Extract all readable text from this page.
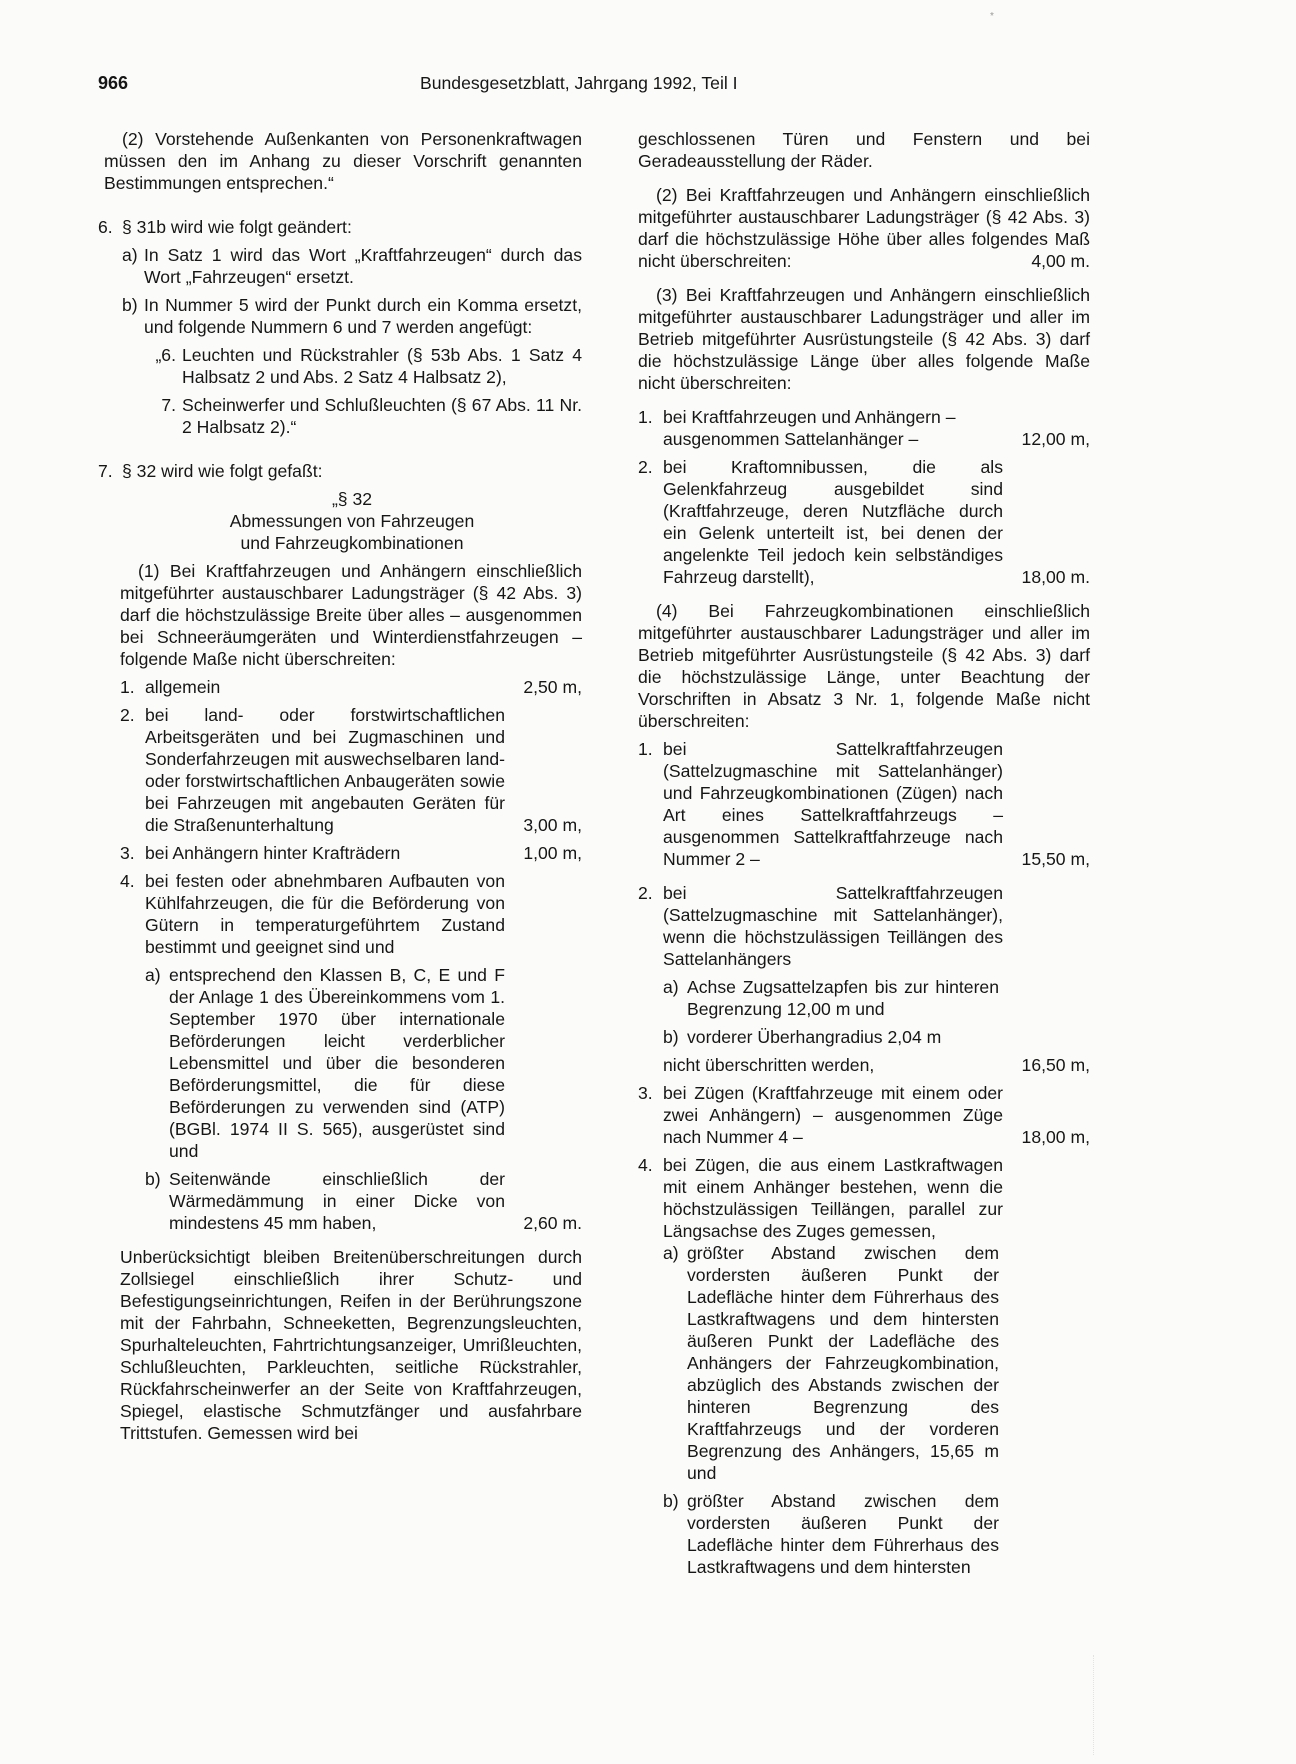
966	Bundesgesetzblatt, Jahrgang 1992, Teil I
*

(2) Vorstehende Außenkanten von Personenkraftwagen müssen den im Anhang zu dieser Vorschrift genannten Bestimmungen entsprechen.“

6. § 31b wird wie folgt geändert:
a) In Satz 1 wird das Wort „Kraftfahrzeugen“ durch das Wort „Fahrzeugen“ ersetzt.
b) In Nummer 5 wird der Punkt durch ein Komma ersetzt, und folgende Nummern 6 und 7 werden angefügt:
„6. Leuchten und Rückstrahler (§ 53b Abs. 1 Satz 4 Halbsatz 2 und Abs. 2 Satz 4 Halbsatz 2),
7. Scheinwerfer und Schlußleuchten (§ 67 Abs. 11 Nr. 2 Halbsatz 2).“
7. § 32 wird wie folgt gefaßt:

„§ 32

Abmessungen von Fahrzeugen

und Fahrzeugkombinationen

(1) Bei Kraftfahrzeugen und Anhängern einschließlich mitgeführter austauschbarer Ladungsträger (§ 42 Abs. 3) darf die höchstzulässige Breite über alles – ausgenommen bei Schneeräumgeräten und Winterdienstfahrzeugen – folgende Maße nicht überschreiten:

1. allgemein	2,50 m,
2. bei land- oder forstwirtschaftlichen Arbeitsgeräten und bei Zugmaschinen und Sonderfahrzeugen mit auswechselbaren land- oder forstwirtschaftlichen Anbaugeräten sowie bei Fahrzeugen mit angebauten Geräten für die Straßenunterhaltung	3,00 m,
3. bei Anhängern hinter Krafträdern	1,00 m,
4. bei festen oder abnehmbaren Aufbauten von Kühlfahrzeugen, die für die Beförderung von Gütern in temperaturgeführtem Zustand bestimmt und geeignet sind und
a) entsprechend den Klassen B, C, E und F der Anlage 1 des Übereinkommens vom 1. September 1970 über internationale Beförderungen leicht verderblicher Lebensmittel und über die besonderen Beförderungsmittel, die für diese Beförderungen zu verwenden sind (ATP) (BGBl. 1974 II S. 565), ausgerüstet sind und
b) Seitenwände einschließlich der Wärmedämmung in einer Dicke von mindestens 45 mm haben,	2,60 m.

Unberücksichtigt bleiben Breitenüberschreitungen durch Zollsiegel einschließlich ihrer Schutz- und Befestigungseinrichtungen, Reifen in der Berührungszone mit der Fahrbahn, Schneeketten, Begrenzungsleuchten, Spurhalteleuchten, Fahrtrichtungsanzeiger, Umrißleuchten, Schlußleuchten, Parkleuchten, seitliche Rückstrahler, Rückfahrscheinwerfer an der Seite von Kraftfahrzeugen, Spiegel, elastische Schmutzfänger und ausfahrbare Trittstufen. Gemessen wird bei

geschlossenen Türen und Fenstern und bei Geradeausstellung der Räder.

(2) Bei Kraftfahrzeugen und Anhängern einschließlich mitgeführter austauschbarer Ladungsträger (§ 42 Abs. 3) darf die höchstzulässige Höhe über alles folgendes Maß nicht überschreiten:	4,00 m.

(3) Bei Kraftfahrzeugen und Anhängern einschließlich mitgeführter austauschbarer Ladungsträger und aller im Betrieb mitgeführter Ausrüstungsteile (§ 42 Abs. 3) darf die höchstzulässige Länge über alles folgende Maße nicht überschreiten:

1. bei Kraftfahrzeugen und Anhängern – ausgenommen Sattelanhänger –	12,00 m,
2. bei Kraftomnibussen, die als Gelenkfahrzeug ausgebildet sind (Kraftfahrzeuge, deren Nutzfläche durch ein Gelenk unterteilt ist, bei denen der angelenkte Teil jedoch kein selbständiges Fahrzeug darstellt),	18,00 m.

(4) Bei Fahrzeugkombinationen einschließlich mitgeführter austauschbarer Ladungsträger und aller im Betrieb mitgeführter Ausrüstungsteile (§ 42 Abs. 3) darf die höchstzulässige Länge, unter Beachtung der Vorschriften in Absatz 3 Nr. 1, folgende Maße nicht überschreiten:

1. bei Sattelkraftfahrzeugen (Sattelzugmaschine mit Sattelanhänger) und Fahrzeugkombinationen (Zügen) nach Art eines Sattelkraftfahrzeugs – ausgenommen Sattelkraftfahrzeuge nach Nummer 2 –	15,50 m,
2. bei Sattelkraftfahrzeugen (Sattelzugmaschine mit Sattelanhänger), wenn die höchstzulässigen Teillängen des Sattelanhängers
a) Achse Zugsattelzapfen bis zur hinteren Begrenzung 12,00 m und
b) vorderer Überhangradius 2,04 m
nicht überschritten werden,	16,50 m,
3. bei Zügen (Kraftfahrzeuge mit einem oder zwei Anhängern) – ausgenommen Züge nach Nummer 4 –	18,00 m,
4. bei Zügen, die aus einem Lastkraftwagen mit einem Anhänger bestehen, wenn die höchstzulässigen Teillängen, parallel zur Längsachse des Zuges gemessen,
a) größter Abstand zwischen dem vordersten äußeren Punkt der Ladefläche hinter dem Führerhaus des Lastkraftwagens und dem hintersten äußeren Punkt der Ladefläche des Anhängers der Fahrzeugkombination, abzüglich des Abstands zwischen der hinteren Begrenzung des Kraftfahrzeugs und der vorderen Begrenzung des Anhängers, 15,65 m und
b) größter Abstand zwischen dem vordersten äußeren Punkt der Ladefläche hinter dem Führerhaus des Lastkraftwagens und dem hintersten
